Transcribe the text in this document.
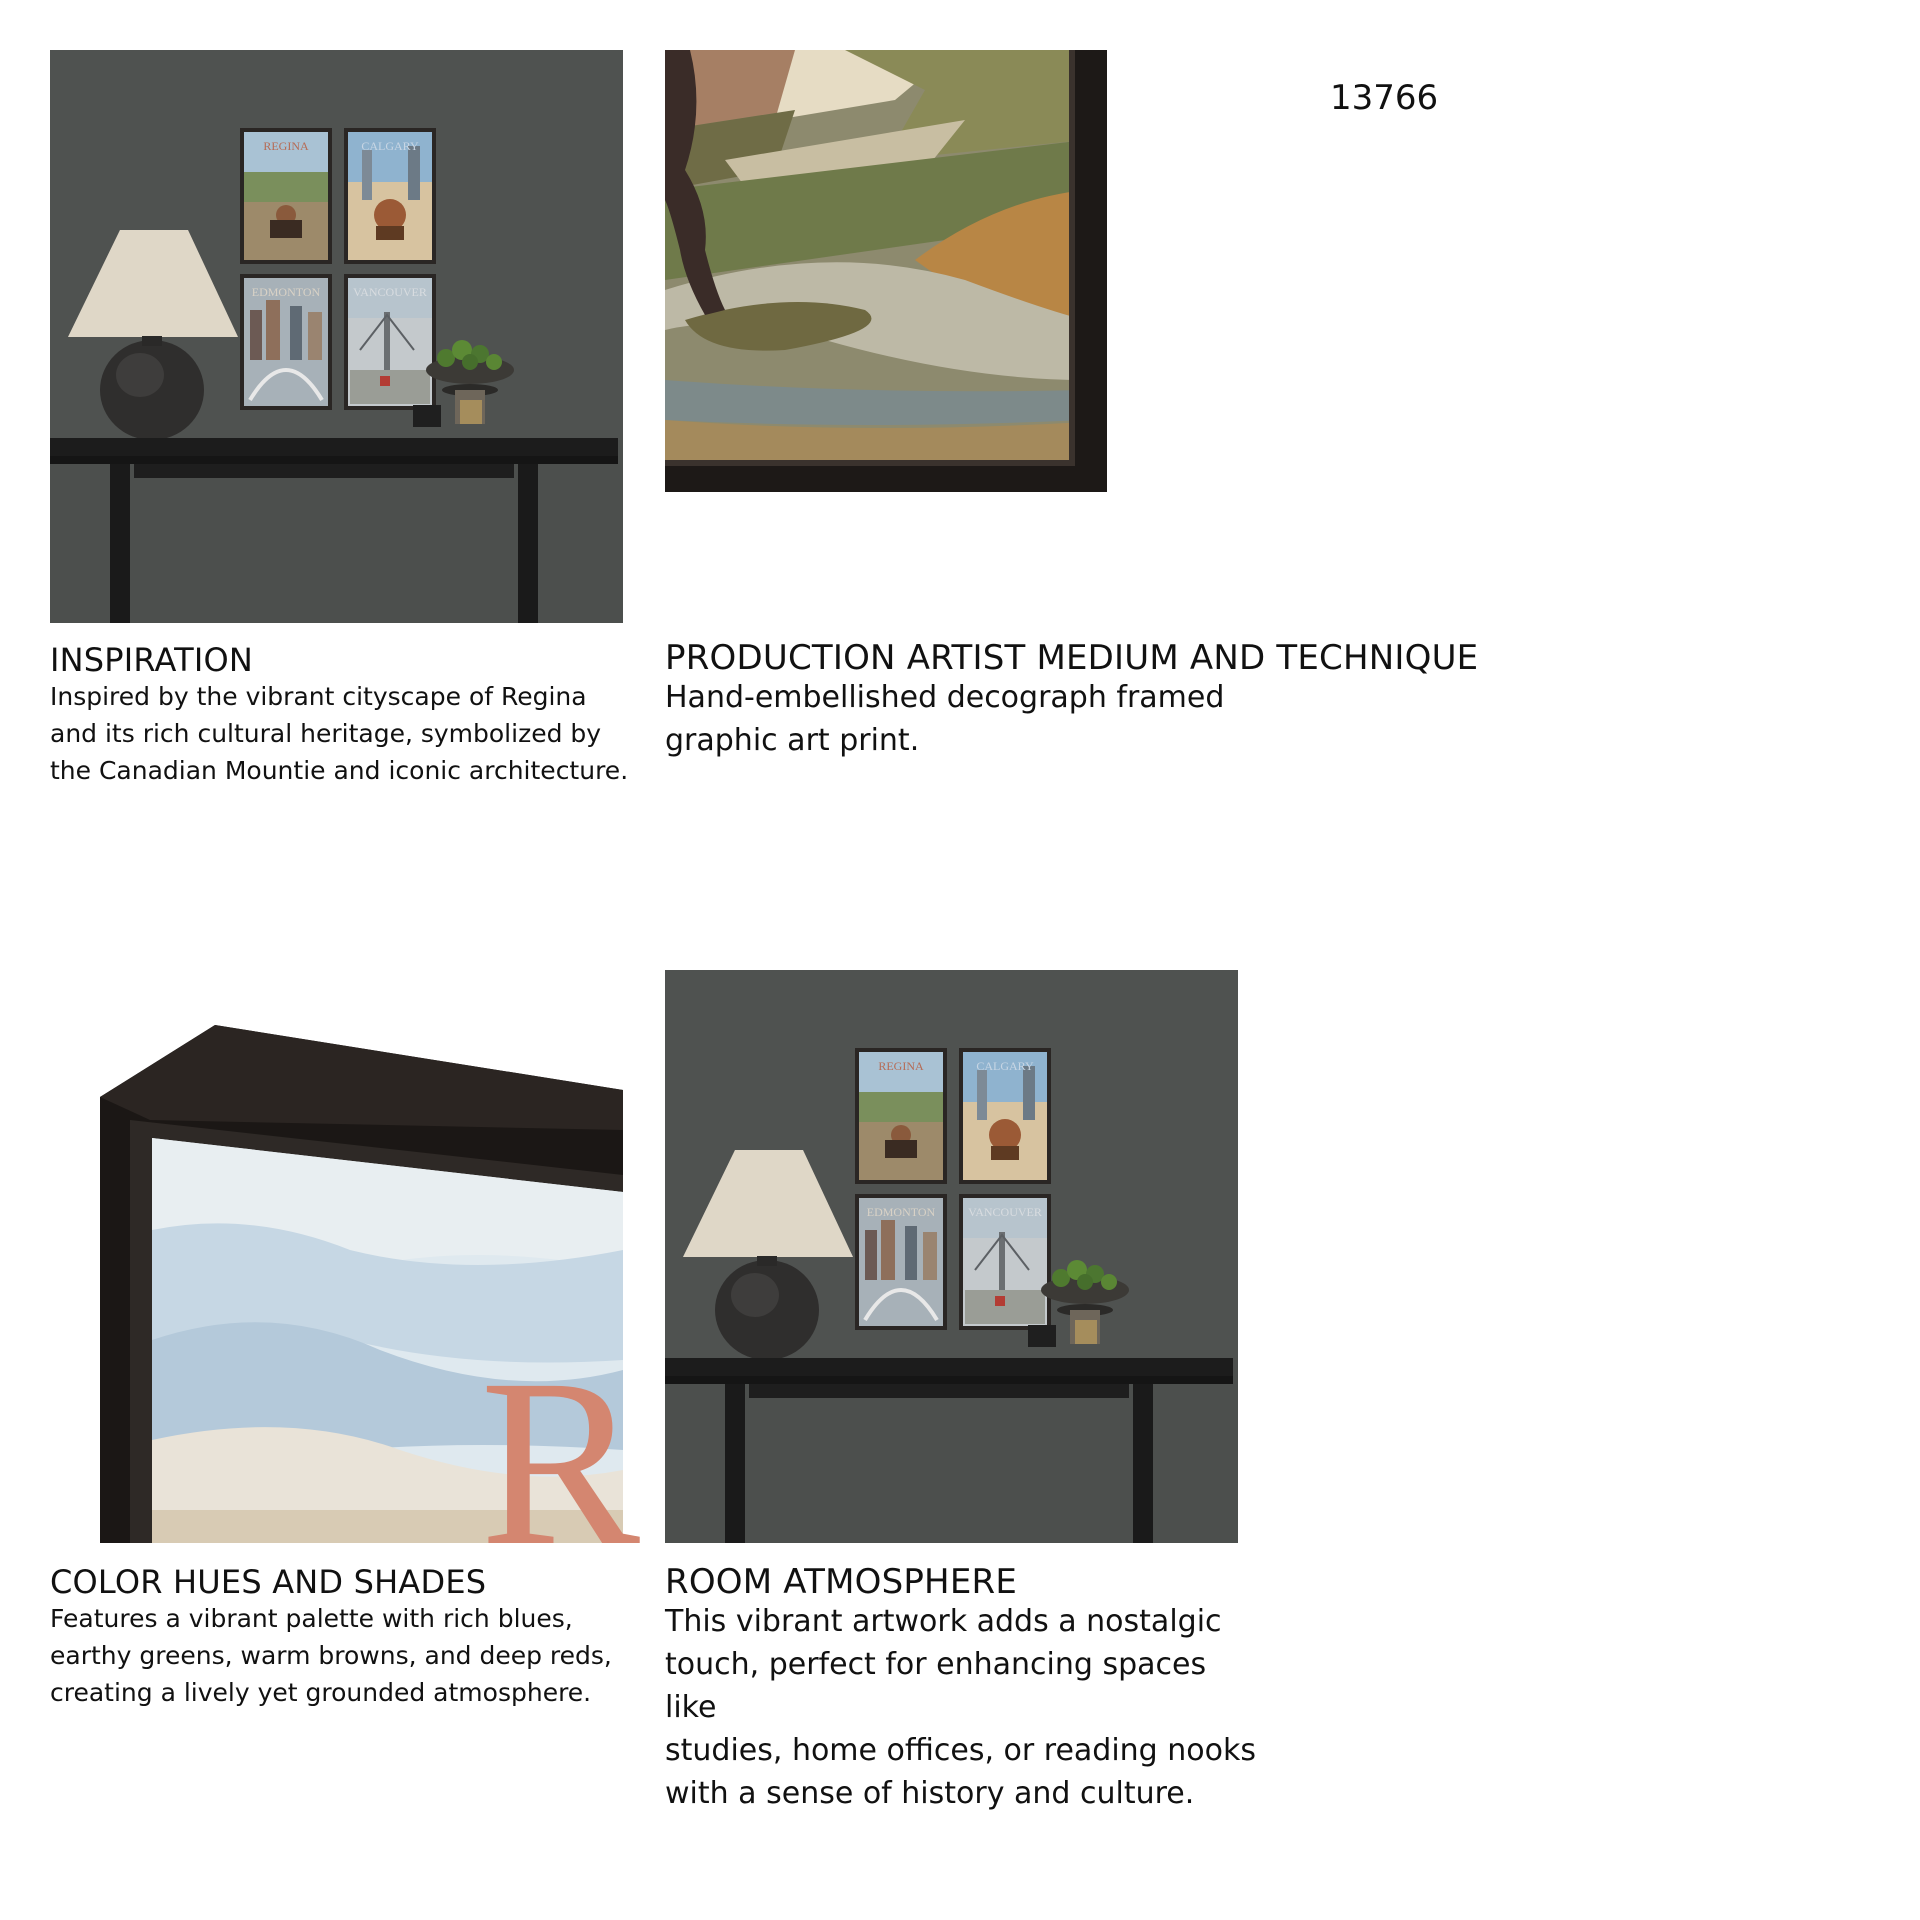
13766
REGINA	CALGARY
EDMONTON	VANCOUVER
INSPIRATION
Inspired by the vibrant cityscape of Regina
and its rich cultural heritage, symbolized by
the Canadian Mountie and iconic architecture.
PRODUCTION ARTIST MEDIUM AND TECHNIQUE
Hand-embellished decograph framed
graphic art print.
R
COLOR HUES AND SHADES
Features a vibrant palette with rich blues,
earthy greens, warm browns, and deep reds,
creating a lively yet grounded atmosphere.
REGINA	CALGARY
EDMONTON	VANCOUVER
ROOM ATMOSPHERE
This vibrant artwork adds a nostalgic
touch, perfect for enhancing spaces like
studies, home offices, or reading nooks
with a sense of history and culture.
